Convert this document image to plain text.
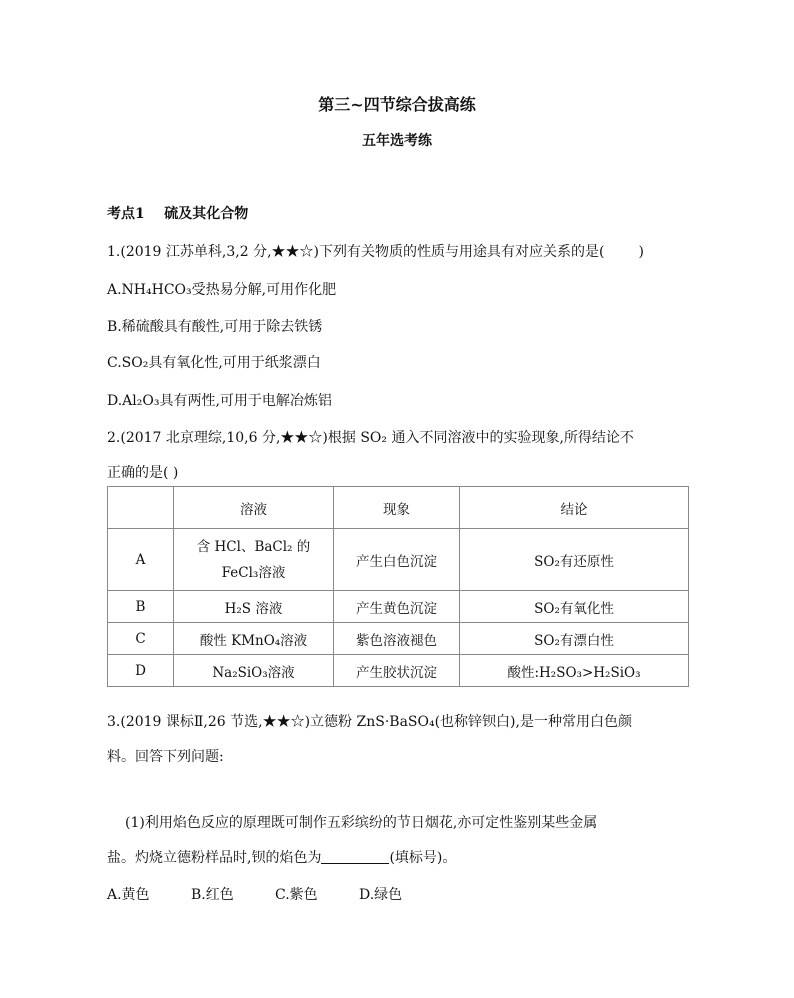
第三~四节综合拔高练
五年选考练
考点1    硫及其化合物
1.(2019 江苏单科,3,2 分,★★☆)下列有关物质的性质与用途具有对应关系的是( )
A.NH₄HCO₃受热易分解,可用作化肥
B.稀硫酸具有酸性,可用于除去铁锈
C.SO₂具有氧化性,可用于纸浆漂白
D.Al₂O₃具有两性,可用于电解冶炼铝
2.(2017 北京理综,10,6 分,★★☆)根据 SO₂ 通入不同溶液中的实验现象,所得结论不
正确的是( )
	溶液	现象	结论
A	含 HCl、BaCl₂ 的 FeCl₃溶液	产生白色沉淀	SO₂有还原性
B	H₂S 溶液	产生黄色沉淀	SO₂有氧化性
C	酸性 KMnO₄溶液	紫色溶液褪色	SO₂有漂白性
D	Na₂SiO₃溶液	产生胶状沉淀	酸性:H₂SO₃>H₂SiO₃
3.(2019 课标Ⅱ,26 节选,★★☆)立德粉 ZnS·BaSO₄(也称锌钡白),是一种常用白色颜
料。回答下列问题:
(1)利用焰色反应的原理既可制作五彩缤纷的节日烟花,亦可定性鉴别某些金属
盐。灼烧立德粉样品时,钡的焰色为	(填标号)。
A.黄色	B.红色	C.紫色	D.绿色
